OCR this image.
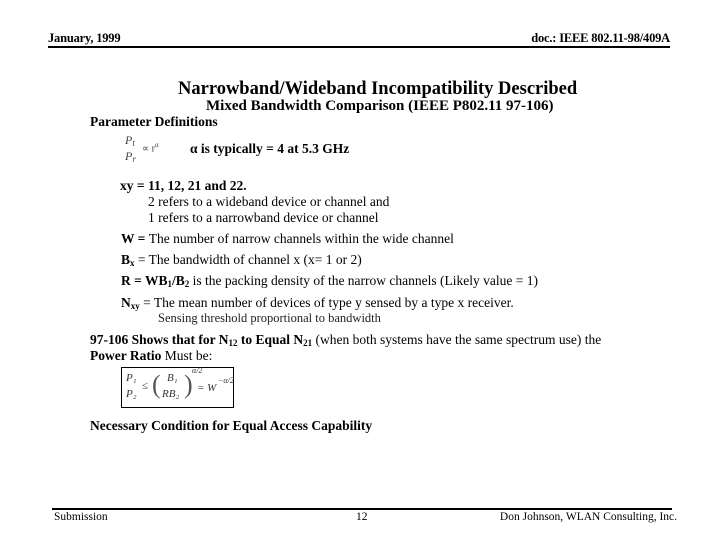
January, 1999	doc.: IEEE 802.11-98/409A
Narrowband/Wideband Incompatibility Described
Mixed Bandwidth Comparison (IEEE P802.11 97-106)
Parameter Definitions
$P_t$
$P_r$
∝ $r^\alpha$ α is typically = 4 at 5.3 GHz
xy = 11, 12, 21 and 22.
2 refers to a wideband device or channel and
1 refers to a narrowband device or channel
W = The number of narrow channels within the wide channel
$B_x$ = The bandwidth of channel x (x= 1 or 2)
$R = WB_1/B_2$ is the packing density of the narrow channels (Likely value = 1)
$N_{xy}$ = The mean number of devices of type y sensed by a type x receiver.
Sensing threshold proportional to bandwidth
97-106 Shows that for $N_{12}$ to Equal $N_{21}$ (when both systems have the same spectrum use) the
Power Ratio Must be:
P₁
P₂
≤ ( B₁
RB₂ ) α/2
= W
−α/2
Necessary Condition for Equal Access Capability
Submission	12	Don Johnson, WLAN Consulting, Inc.
